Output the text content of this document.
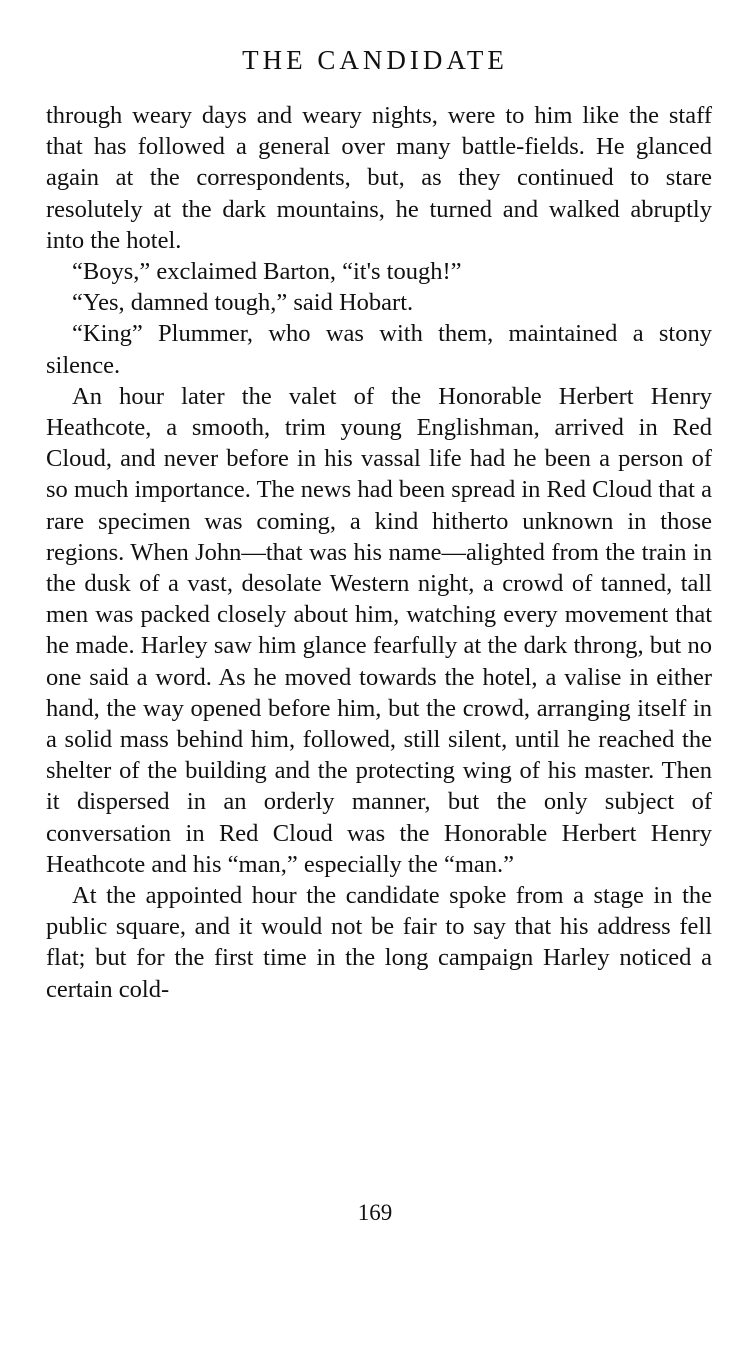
THE CANDIDATE

through weary days and weary nights, were to him like the staff that has followed a general over many battle-fields. He glanced again at the correspondents, but, as they continued to stare resolutely at the dark mountains, he turned and walked abruptly into the hotel.

“Boys,” exclaimed Barton, “it's tough!”

“Yes, damned tough,” said Hobart.

“King” Plummer, who was with them, maintained a stony silence.

An hour later the valet of the Honorable Herbert Henry Heathcote, a smooth, trim young Englishman, arrived in Red Cloud, and never before in his vassal life had he been a person of so much importance. The news had been spread in Red Cloud that a rare specimen was coming, a kind hitherto unknown in those regions. When John—that was his name—alighted from the train in the dusk of a vast, desolate Western night, a crowd of tanned, tall men was packed closely about him, watching every movement that he made. Harley saw him glance fearfully at the dark throng, but no one said a word. As he moved towards the hotel, a valise in either hand, the way opened before him, but the crowd, arranging itself in a solid mass behind him, followed, still silent, until he reached the shelter of the building and the protecting wing of his master. Then it dispersed in an orderly manner, but the only subject of conversation in Red Cloud was the Honorable Herbert Henry Heathcote and his “man,” especially the “man.”

At the appointed hour the candidate spoke from a stage in the public square, and it would not be fair to say that his address fell flat; but for the first time in the long campaign Harley noticed a certain cold-

169
